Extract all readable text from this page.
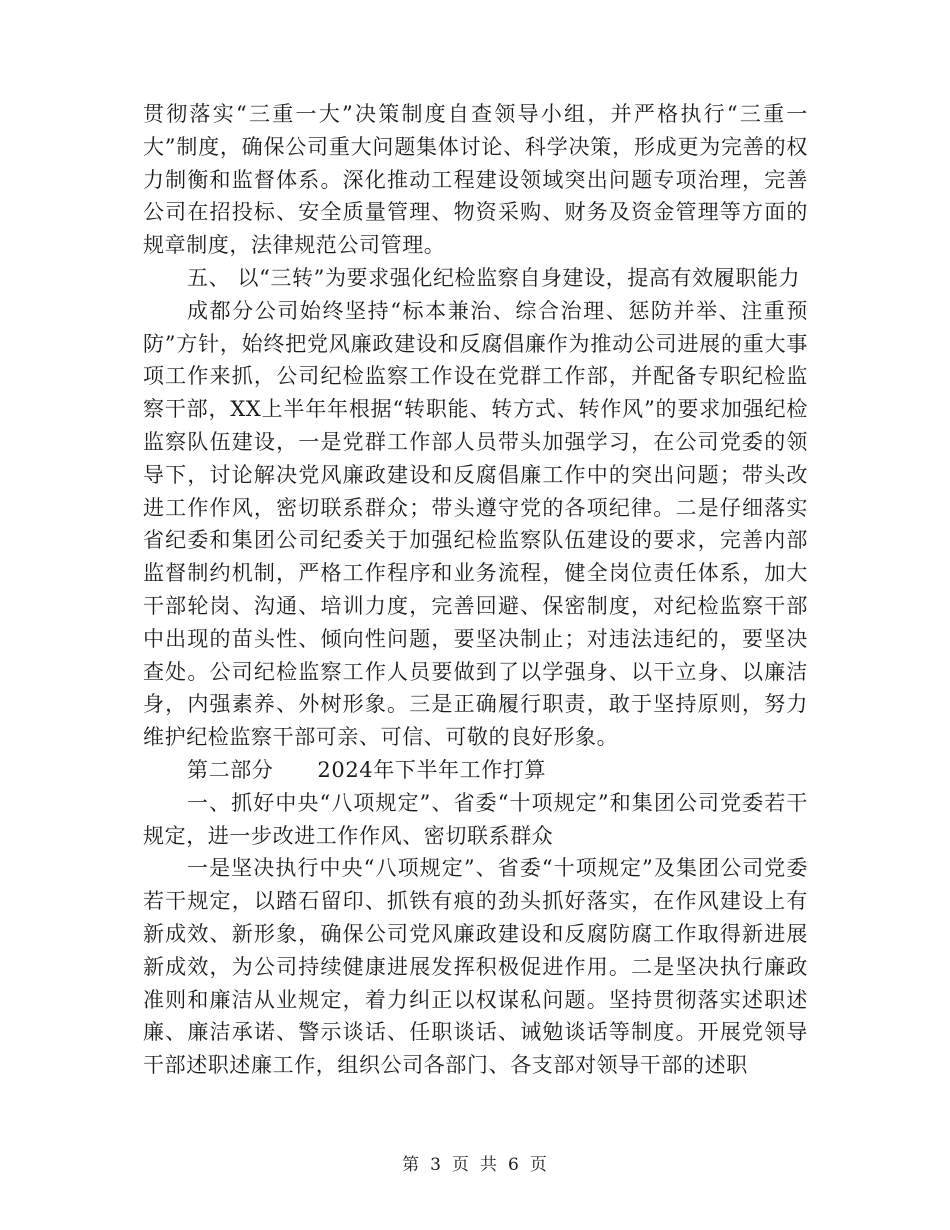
贯彻落实“三重一大”决策制度自查领导小组，并严格执行“三重一大”制度，确保公司重大问题集体讨论、科学决策，形成更为完善的权力制衡和监督体系。深化推动工程建设领域突出问题专项治理，完善公司在招投标、安全质量管理、物资采购、财务及资金管理等方面的规章制度，法律规范公司管理。

五、 以“三转”为要求强化纪检监察自身建设，提高有效履职能力

成都分公司始终坚持“标本兼治、综合治理、惩防并举、注重预防”方针，始终把党风廉政建设和反腐倡廉作为推动公司进展的重大事项工作来抓，公司纪检监察工作设在党群工作部，并配备专职纪检监察干部，XX上半年年根据“转职能、转方式、转作风”的要求加强纪检监察队伍建设，一是党群工作部人员带头加强学习，在公司党委的领导下，讨论解决党风廉政建设和反腐倡廉工作中的突出问题；带头改进工作作风，密切联系群众；带头遵守党的各项纪律。二是仔细落实省纪委和集团公司纪委关于加强纪检监察队伍建设的要求，完善内部监督制约机制，严格工作程序和业务流程，健全岗位责任体系，加大干部轮岗、沟通、培训力度，完善回避、保密制度，对纪检监察干部中出现的苗头性、倾向性问题，要坚决制止；对违法违纪的，要坚决查处。公司纪检监察工作人员要做到了以学强身、以干立身、以廉洁身，内强素养、外树形象。三是正确履行职责，敢于坚持原则，努力维护纪检监察干部可亲、可信、可敬的良好形象。

第二部分 2024年下半年工作打算

一、抓好中央“八项规定”、省委“十项规定”和集团公司党委若干规定，进一步改进工作作风、密切联系群众

一是坚决执行中央“八项规定”、省委“十项规定”及集团公司党委若干规定，以踏石留印、抓铁有痕的劲头抓好落实，在作风建设上有新成效、新形象，确保公司党风廉政建设和反腐防腐工作取得新进展新成效，为公司持续健康进展发挥积极促进作用。二是坚决执行廉政准则和廉洁从业规定，着力纠正以权谋私问题。坚持贯彻落实述职述廉、廉洁承诺、警示谈话、任职谈话、诫勉谈话等制度。开展党领导干部述职述廉工作，组织公司各部门、各支部对领导干部的述职

第 3 页 共 6 页
